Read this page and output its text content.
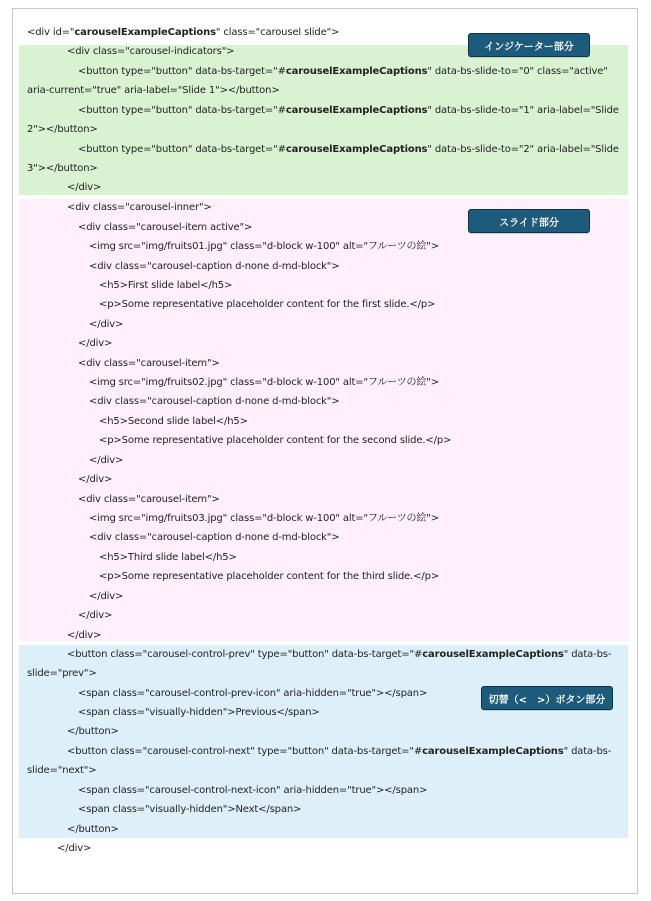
<div id="carouselExampleCaptions" class="carousel slide">
<div class="carousel-indicators">
<button type="button" data-bs-target="#carouselExampleCaptions" data-bs-slide-to="0" class="active"
aria-current="true" aria-label="Slide 1"></button>
<button type="button" data-bs-target="#carouselExampleCaptions" data-bs-slide-to="1" aria-label="Slide
2"></button>
<button type="button" data-bs-target="#carouselExampleCaptions" data-bs-slide-to="2" aria-label="Slide
3"></button>
</div>
<div class="carousel-inner">
<div class="carousel-item active">
<img src="img/fruits01.jpg" class="d-block w-100" alt="フルーツの絵">
<div class="carousel-caption d-none d-md-block">
<h5>First slide label</h5>
<p>Some representative placeholder content for the first slide.</p>
</div>
</div>
<div class="carousel-item">
<img src="img/fruits02.jpg" class="d-block w-100" alt="フルーツの絵">
<div class="carousel-caption d-none d-md-block">
<h5>Second slide label</h5>
<p>Some representative placeholder content for the second slide.</p>
</div>
</div>
<div class="carousel-item">
<img src="img/fruits03.jpg" class="d-block w-100" alt="フルーツの絵">
<div class="carousel-caption d-none d-md-block">
<h5>Third slide label</h5>
<p>Some representative placeholder content for the third slide.</p>
</div>
</div>
</div>
<button class="carousel-control-prev" type="button" data-bs-target="#carouselExampleCaptions" data-bs-
slide="prev">
<span class="carousel-control-prev-icon" aria-hidden="true"></span>
<span class="visually-hidden">Previous</span>
</button>
<button class="carousel-control-next" type="button" data-bs-target="#carouselExampleCaptions" data-bs-
slide="next">
<span class="carousel-control-next-icon" aria-hidden="true"></span>
<span class="visually-hidden">Next</span>
</button>
</div>
インジケーター部分
スライド部分
切替（<　>）ボタン部分
